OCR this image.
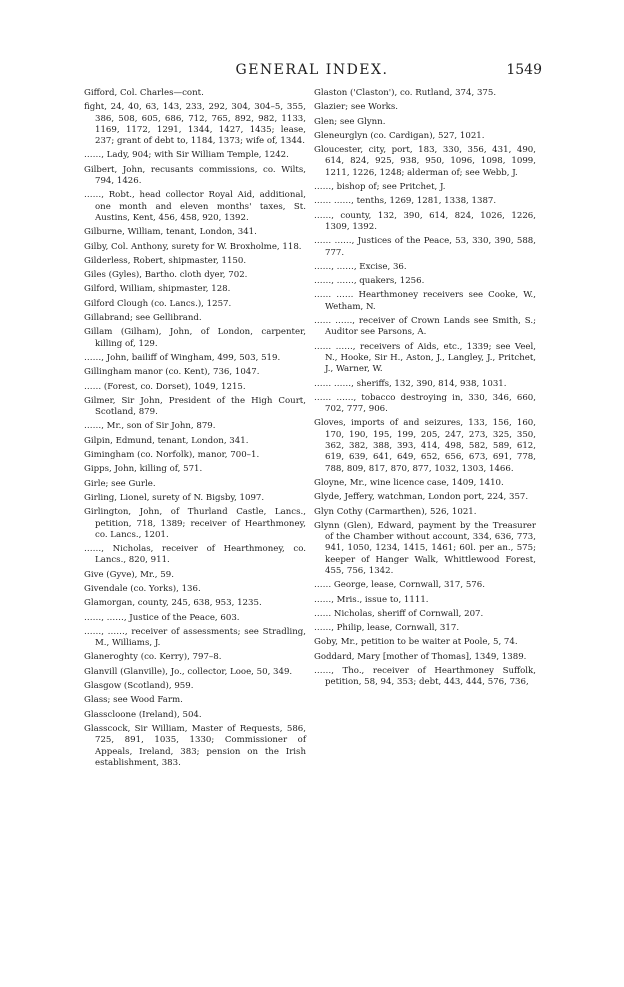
GENERAL INDEX.	1549
Gifford, Col. Charles—cont.
fight, 24, 40, 63, 143, 233, 292, 304, 304–5, 355, 386, 508, 605, 686, 712, 765, 892, 982, 1133, 1169, 1172, 1291, 1344, 1427, 1435; lease, 237; grant of debt to, 1184, 1373; wife of, 1344.
……, Lady, 904; with Sir William Temple, 1242.
Gilbert, John, recusants commissions, co. Wilts, 794, 1426.
……, Robt., head collector Royal Aid, additional, one month and eleven months' taxes, St. Austins, Kent, 456, 458, 920, 1392.
Gilburne, William, tenant, London, 341.
Gilby, Col. Anthony, surety for W. Broxholme, 118.
Gilderless, Robert, shipmaster, 1150.
Giles (Gyles), Bartho. cloth dyer, 702.
Gilford, William, shipmaster, 128.
Gilford Clough (co. Lancs.), 1257.
Gillabrand; see Gellibrand.
Gillam (Gilham), John, of London, carpenter, killing of, 129.
……, John, bailiff of Wingham, 499, 503, 519.
Gillingham manor (co. Kent), 736, 1047.
…… (Forest, co. Dorset), 1049, 1215.
Gilmer, Sir John, President of the High Court, Scotland, 879.
……, Mr., son of Sir John, 879.
Gilpin, Edmund, tenant, London, 341.
Gimingham (co. Norfolk), manor, 700–1.
Gipps, John, killing of, 571.
Girle; see Gurle.
Girling, Lionel, surety of N. Bigsby, 1097.
Girlington, John, of Thurland Castle, Lancs., petition, 718, 1389; receiver of Hearthmoney, co. Lancs., 1201.
……, Nicholas, receiver of Hearthmoney, co. Lancs., 820, 911.
Give (Gyve), Mr., 59.
Givendale (co. Yorks), 136.
Glamorgan, county, 245, 638, 953, 1235.
……, ……, Justice of the Peace, 603.
……, ……, receiver of assessments; see Stradling, M., Williams, J.
Glaneroghty (co. Kerry), 797–8.
Glanvill (Glanville), Jo., collector, Looe, 50, 349.
Glasgow (Scotland), 959.
Glass; see Wood Farm.
Glasscloone (Ireland), 504.
Glasscock, Sir William, Master of Requests, 586, 725, 891, 1035, 1330; Commissioner of Appeals, Ireland, 383; pension on the Irish establishment, 383.
Glaston ('Claston'), co. Rutland, 374, 375.
Glazier; see Works.
Glen; see Glynn.
Gleneurglyn (co. Cardigan), 527, 1021.
Gloucester, city, port, 183, 330, 356, 431, 490, 614, 824, 925, 938, 950, 1096, 1098, 1099, 1211, 1226, 1248; alderman of; see Webb, J.
……, bishop of; see Pritchet, J.
…… ……, tenths, 1269, 1281, 1338, 1387.
……, county, 132, 390, 614, 824, 1026, 1226, 1309, 1392.
…… ……, Justices of the Peace, 53, 330, 390, 588, 777.
……, ……, Excise, 36.
……, ……, quakers, 1256.
…… …… Hearthmoney receivers see Cooke, W., Wetham, N.
…… ……, receiver of Crown Lands see Smith, S.; Auditor see Parsons, A.
…… ……, receivers of Aids, etc., 1339; see Veel, N., Hooke, Sir H., Aston, J., Langley, J., Pritchet, J., Warner, W.
…… ……, sheriffs, 132, 390, 814, 938, 1031.
…… ……, tobacco destroying in, 330, 346, 660, 702, 777, 906.
Gloves, imports of and seizures, 133, 156, 160, 170, 190, 195, 199, 205, 247, 273, 325, 350, 362, 382, 388, 393, 414, 498, 582, 589, 612, 619, 639, 641, 649, 652, 656, 673, 691, 778, 788, 809, 817, 870, 877, 1032, 1303, 1466.
Gloyne, Mr., wine licence case, 1409, 1410.
Glyde, Jeffery, watchman, London port, 224, 357.
Glyn Cothy (Carmarthen), 526, 1021.
Glynn (Glen), Edward, payment by the Treasurer of the Chamber without account, 334, 636, 773, 941, 1050, 1234, 1415, 1461; 60l. per an., 575; keeper of Hanger Walk, Whittlewood Forest, 455, 756, 1342.
…… George, lease, Cornwall, 317, 576.
……, Mris., issue to, 1111.
…… Nicholas, sheriff of Cornwall, 207.
……, Philip, lease, Cornwall, 317.
Goby, Mr., petition to be waiter at Poole, 5, 74.
Goddard, Mary [mother of Thomas], 1349, 1389.
……, Tho., receiver of Hearthmoney Suffolk, petition, 58, 94, 353; debt, 443, 444, 576, 736,
